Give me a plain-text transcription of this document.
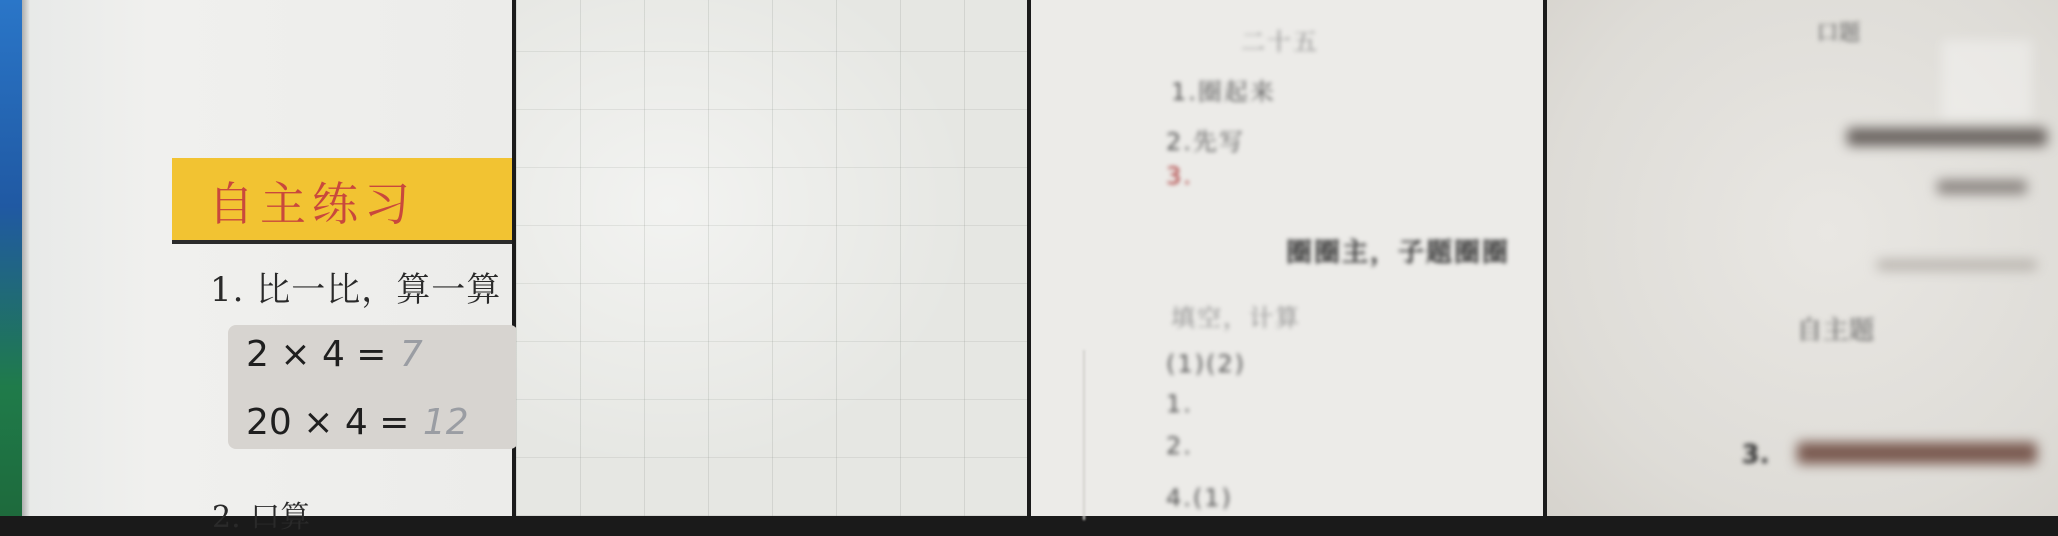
自主练习
1. 比一比，算一算
2 × 4 = 7
20 × 4 = 12
2. 口算
二十五
1.圈起来
2.先写
3.
圈圈主，子题圈圈
填空，计算
(1)(2)
1.
2.
4.(1)
口题
自主题
3.
